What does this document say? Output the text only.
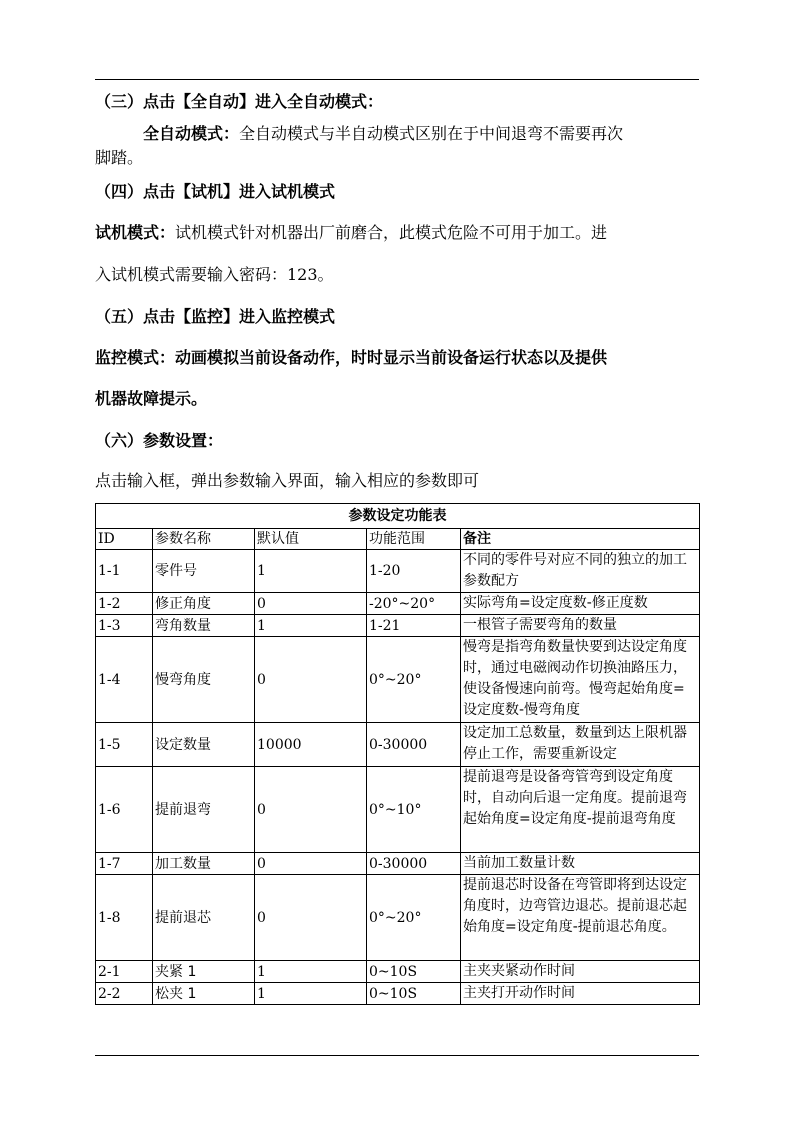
（三）点击【全自动】进入全自动模式：
全自动模式：全自动模式与半自动模式区别在于中间退弯不需要再次
脚踏。
（四）点击【试机】进入试机模式
试机模式：试机模式针对机器出厂前磨合，此模式危险不可用于加工。进
入试机模式需要输入密码：123。
（五）点击【监控】进入监控模式
监控模式：动画模拟当前设备动作，时时显示当前设备运行状态以及提供
机器故障提示。
（六）参数设置：
点击输入框，弹出参数输入界面，输入相应的参数即可
参数设定功能表				
ID	参数名称	默认值	功能范围	备注
1-1	零件号	1	1-20	不同的零件号对应不同的独立的加工参数配方
1-2	修正角度	0	-20°~20°	实际弯角=设定度数-修正度数
1-3	弯角数量	1	1-21	一根管子需要弯角的数量
1-4	慢弯角度	0	0°~20°	慢弯是指弯角数量快要到达设定角度时，通过电磁阀动作切换油路压力，使设备慢速向前弯。慢弯起始角度=设定度数-慢弯角度
1-5	设定数量	10000	0-30000	设定加工总数量，数量到达上限机器停止工作，需要重新设定
1-6	提前退弯	0	0°~10°	提前退弯是设备弯管弯到设定角度时，自动向后退一定角度。提前退弯起始角度=设定角度-提前退弯角度
1-7	加工数量	0	0-30000	当前加工数量计数
1-8	提前退芯	0	0°~20°	提前退芯时设备在弯管即将到达设定角度时，边弯管边退芯。提前退芯起始角度=设定角度-提前退芯角度。
2-1	夹紧 1	1	0~10S	主夹夹紧动作时间
2-2	松夹 1	1	0~10S	主夹打开动作时间
